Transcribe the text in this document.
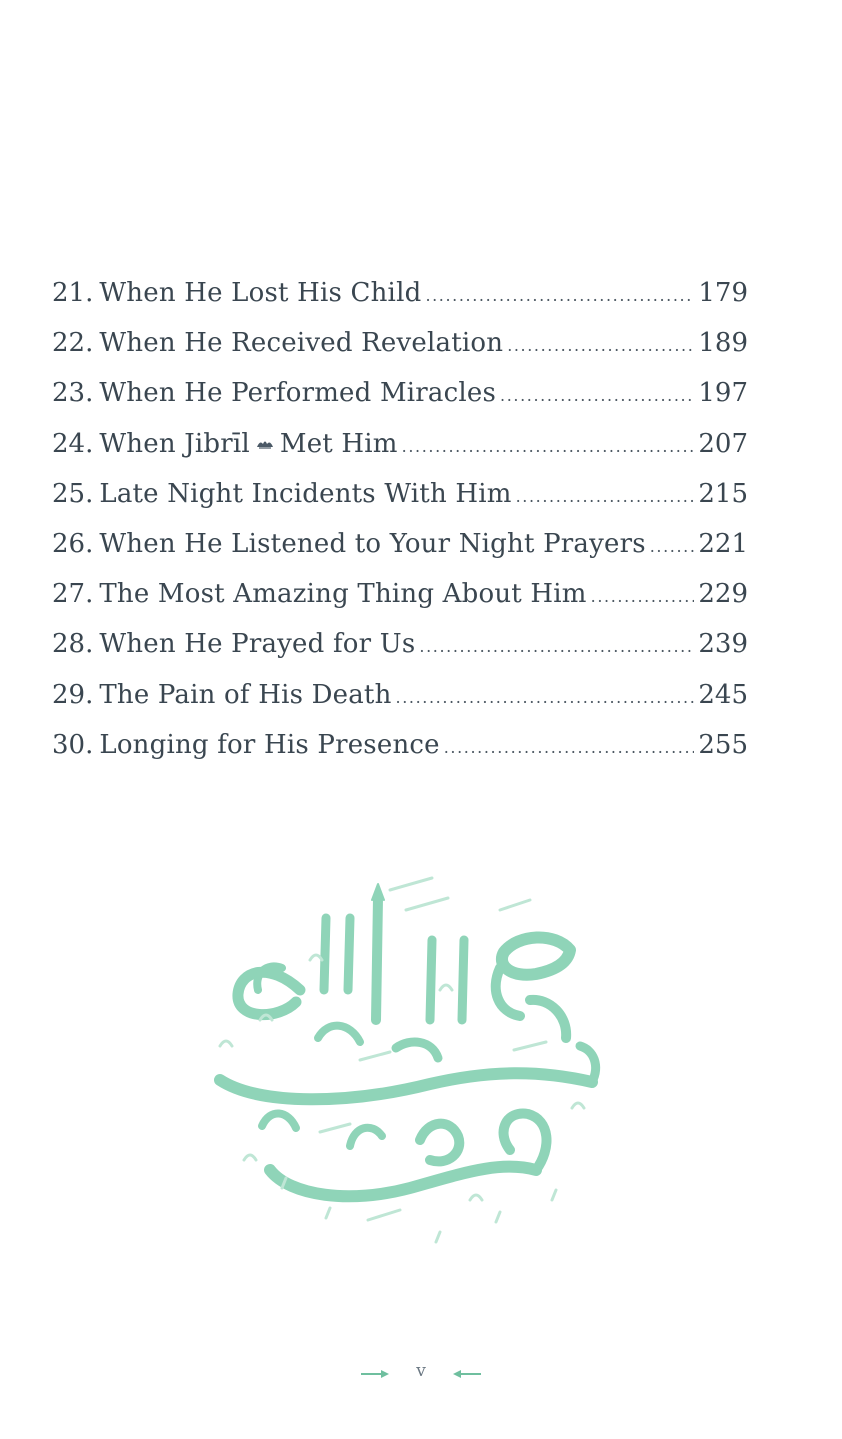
21. When He Lost His Child .....	179
22. When He Received Revelation .....	189
23. When He Performed Miracles .....	197
24. When Jibrīl Met Him .....	207
25. Late Night Incidents With Him .....	215
26. When He Listened to Your Night Prayers ..... 221
27. The Most Amazing Thing About Him .....	229
28. When He Prayed for Us .....	239
29. The Pain of His Death .....	245
30. Longing for His Presence .....	255
v
